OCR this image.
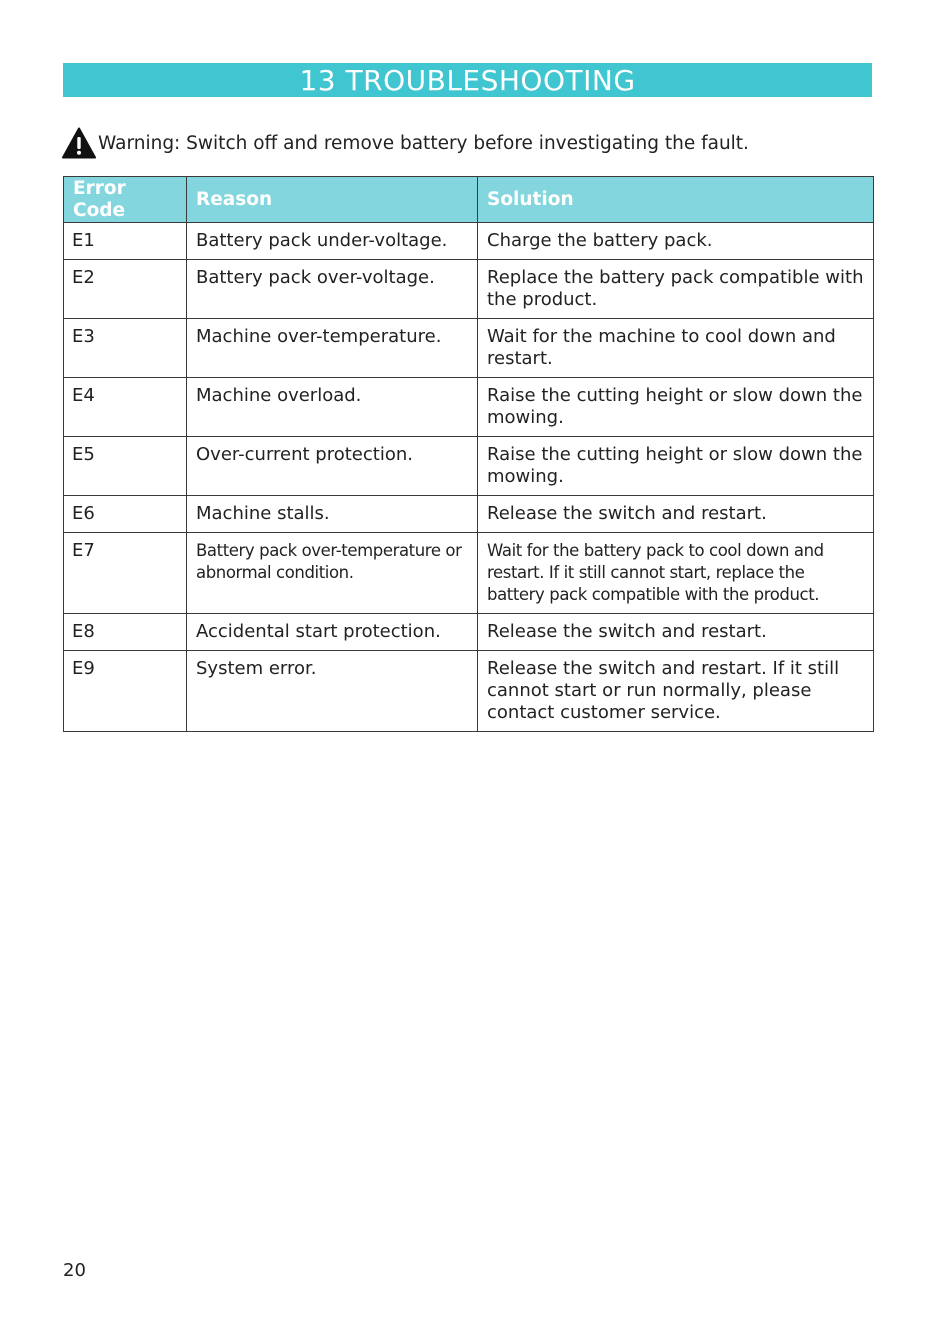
13 TROUBLESHOOTING
Warning: Switch off and remove battery before investigating the fault.
Error Code	Reason	Solution
E1	Battery pack under-voltage.	Charge the battery pack.
E2	Battery pack over-voltage.	Replace the battery pack compatible with the product.
E3	Machine over-temperature.	Wait for the machine to cool down and restart.
E4	Machine overload.	Raise the cutting height or slow down the mowing.
E5	Over-current protection.	Raise the cutting height or slow down the mowing.
E6	Machine stalls.	Release the switch and restart.
E7	Battery pack over-temperature or abnormal condition.	Wait for the battery pack to cool down and restart. If it still cannot start, replace the battery pack compatible with the product.
E8	Accidental start protection.	Release the switch and restart.
E9	System error.	Release the switch and restart. If it still cannot start or run normally, please contact customer service.
20
